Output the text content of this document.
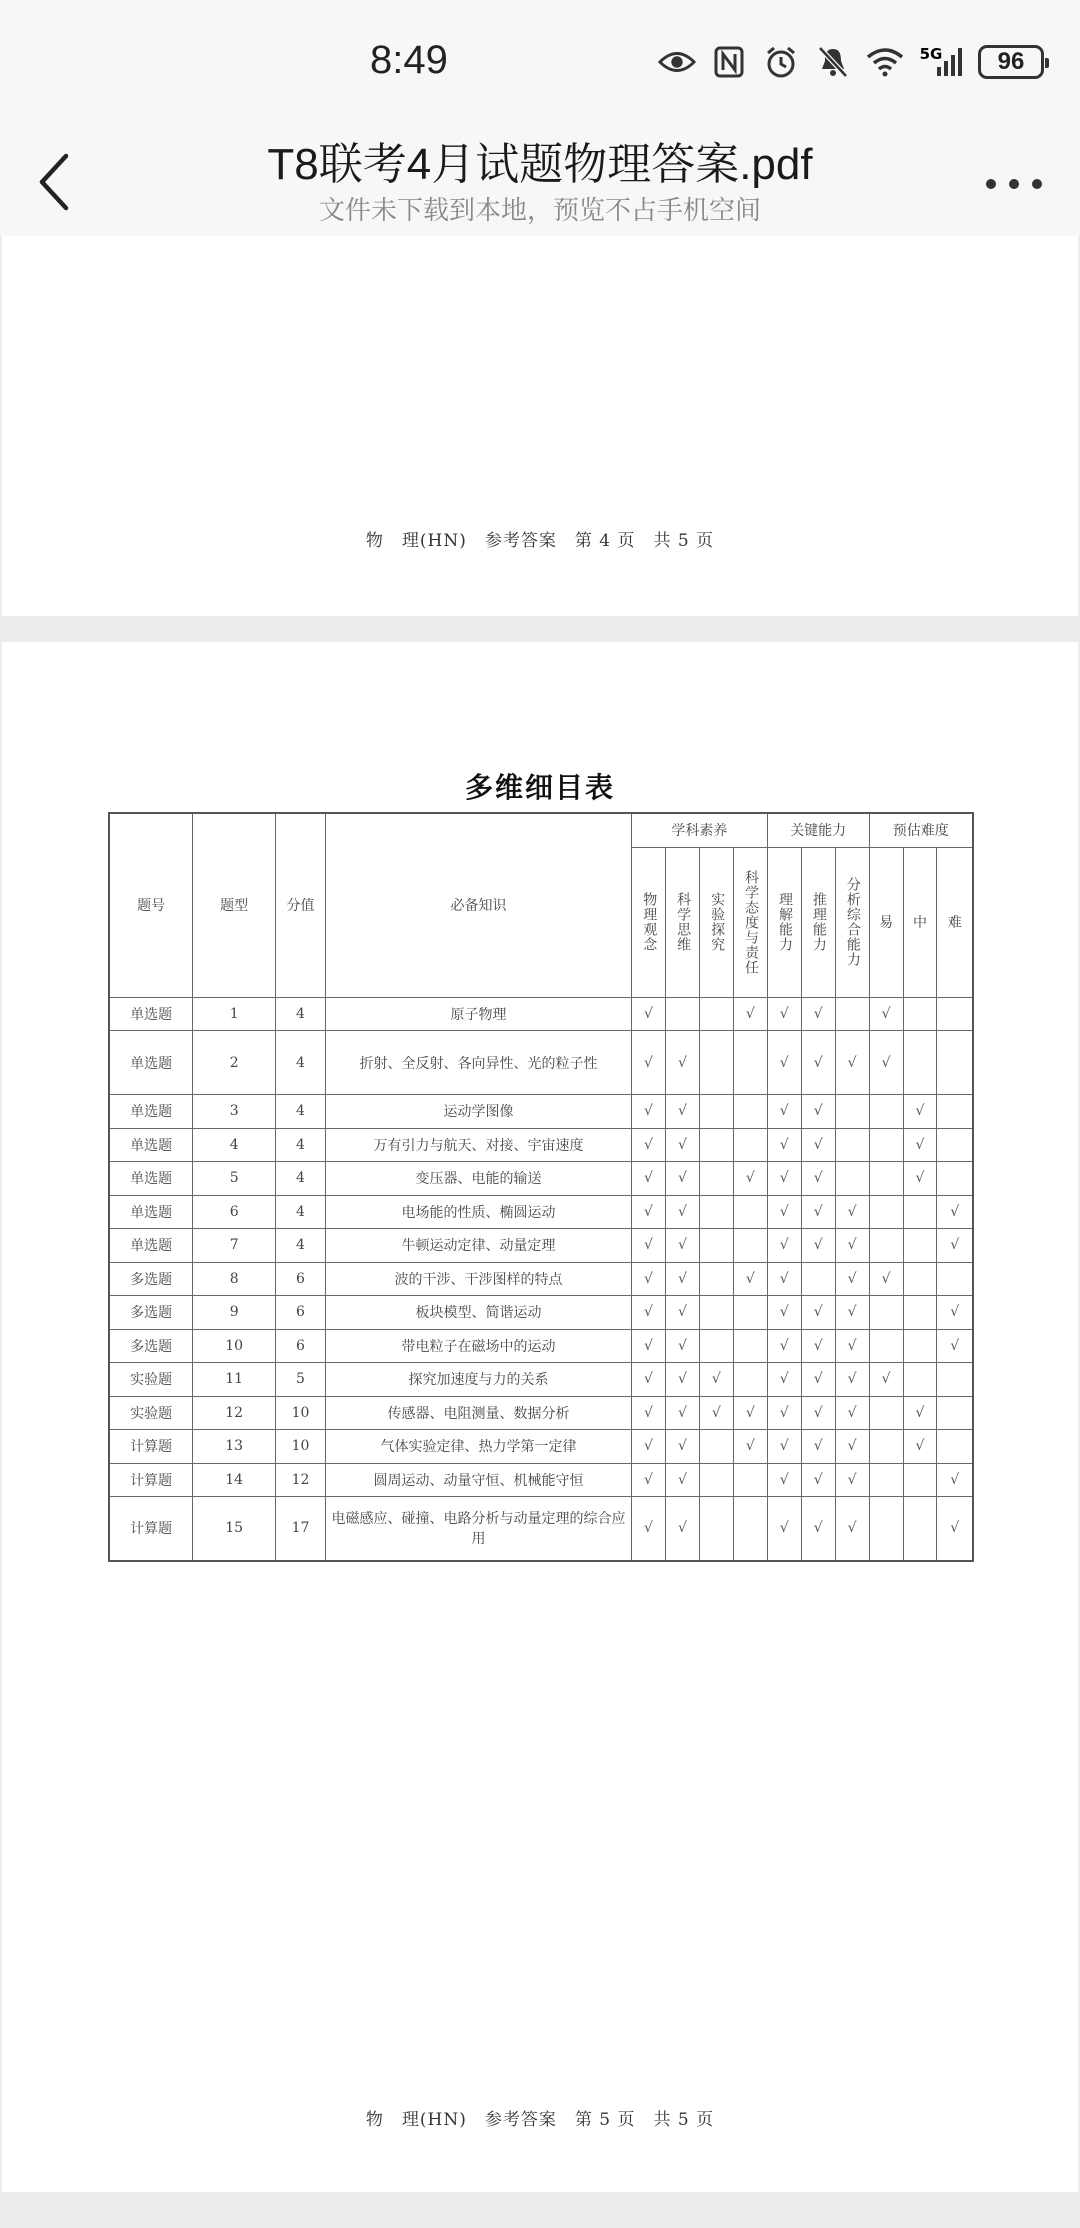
8:49	5G	96
T8联考4月试题物理答案.pdf
文件未下载到本地，预览不占手机空间
物　理(HN)　参考答案　第 4 页　共 5 页
多维细目表
题号	题型	分值	必备知识	学科素养				关键能力			预估难度		
				物理观念	科学思维	实验探究	科学态度与责任	理解能力	推理能力	分析综合能力	易	中	难
单选题	1	4	原子物理	√			√	√	√		√		
单选题	2	4	折射、全反射、各向异性、光的粒子性	√	√			√	√	√	√		
单选题	3	4	运动学图像	√	√			√	√			√	
单选题	4	4	万有引力与航天、对接、宇宙速度	√	√			√	√			√	
单选题	5	4	变压器、电能的输送	√	√		√	√	√			√	
单选题	6	4	电场能的性质、椭圆运动	√	√			√	√	√			√
单选题	7	4	牛顿运动定律、动量定理	√	√			√	√	√			√
多选题	8	6	波的干涉、干涉图样的特点	√	√		√	√		√	√		
多选题	9	6	板块模型、简谐运动	√	√			√	√	√			√
多选题	10	6	带电粒子在磁场中的运动	√	√			√	√	√			√
实验题	11	5	探究加速度与力的关系	√	√	√		√	√	√	√		
实验题	12	10	传感器、电阻测量、数据分析	√	√	√	√	√	√	√		√	
计算题	13	10	气体实验定律、热力学第一定律	√	√		√	√	√	√		√	
计算题	14	12	圆周运动、动量守恒、机械能守恒	√	√			√	√	√			√
计算题	15	17	电磁感应、碰撞、电路分析与动量定理的综合应用	√	√			√	√	√			√
物　理(HN)　参考答案　第 5 页　共 5 页
